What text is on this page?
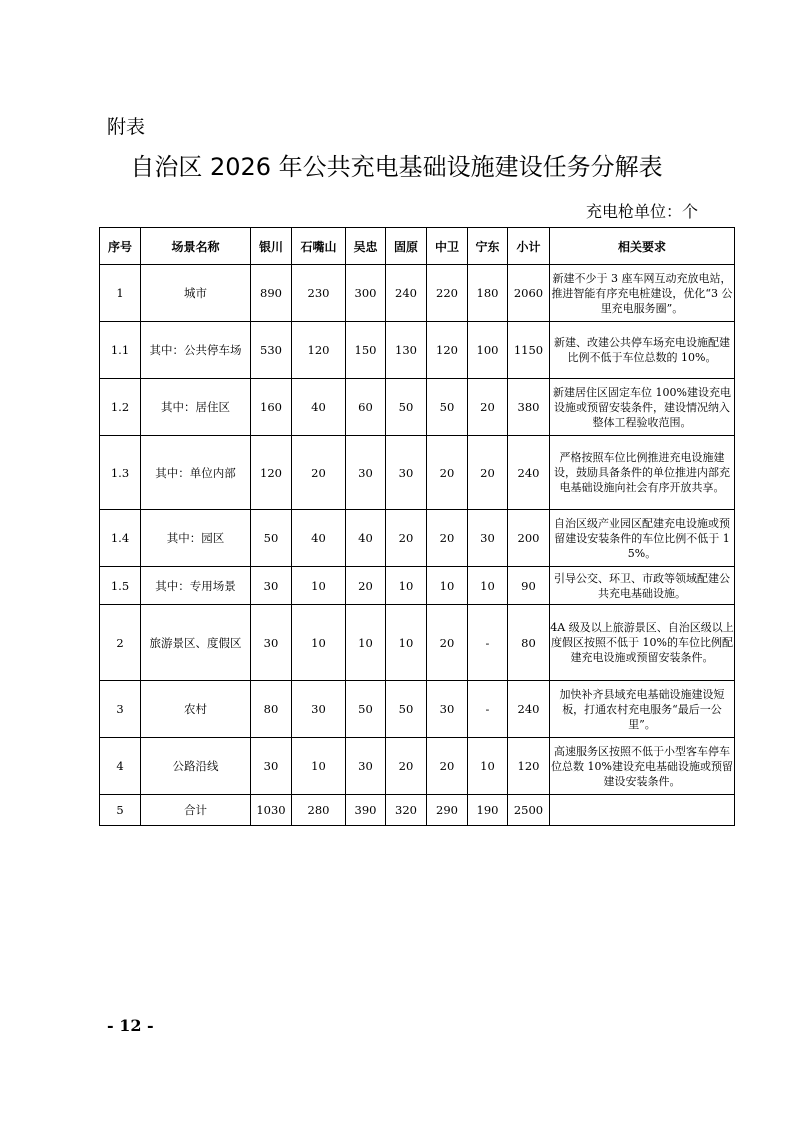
附表
自治区 2026 年公共充电基础设施建设任务分解表
充电枪单位：个
序号	场景名称	银川	石嘴山	吴忠	固原	中卫	宁东	小计	相关要求
1	城市	890	230	300	240	220	180	2060	新建不少于 3 座车网互动充放电站，推进智能有序充电桩建设，优化“3 公里充电服务圈”。
1.1	其中：公共停车场	530	120	150	130	120	100	1150	新建、改建公共停车场充电设施配建比例不低于车位总数的 10%。
1.2	其中：居住区	160	40	60	50	50	20	380	新建居住区固定车位 100%建设充电设施或预留安装条件，建设情况纳入整体工程验收范围。
1.3	其中：单位内部	120	20	30	30	20	20	240	严格按照车位比例推进充电设施建设，鼓励具备条件的单位推进内部充电基础设施向社会有序开放共享。
1.4	其中：园区	50	40	40	20	20	30	200	自治区级产业园区配建充电设施或预留建设安装条件的车位比例不低于 15%。
1.5	其中：专用场景	30	10	20	10	10	10	90	引导公交、环卫、市政等领域配建公共充电基础设施。
2	旅游景区、度假区	30	10	10	10	20	-	80	4A 级及以上旅游景区、自治区级以上度假区按照不低于 10%的车位比例配建充电设施或预留安装条件。
3	农村	80	30	50	50	30	-	240	加快补齐县域充电基础设施建设短板，打通农村充电服务“最后一公里”。
4	公路沿线	30	10	30	20	20	10	120	高速服务区按照不低于小型客车停车位总数 10%建设充电基础设施或预留建设安装条件。
5	合计	1030	280	390	320	290	190	2500	
- 12 -
